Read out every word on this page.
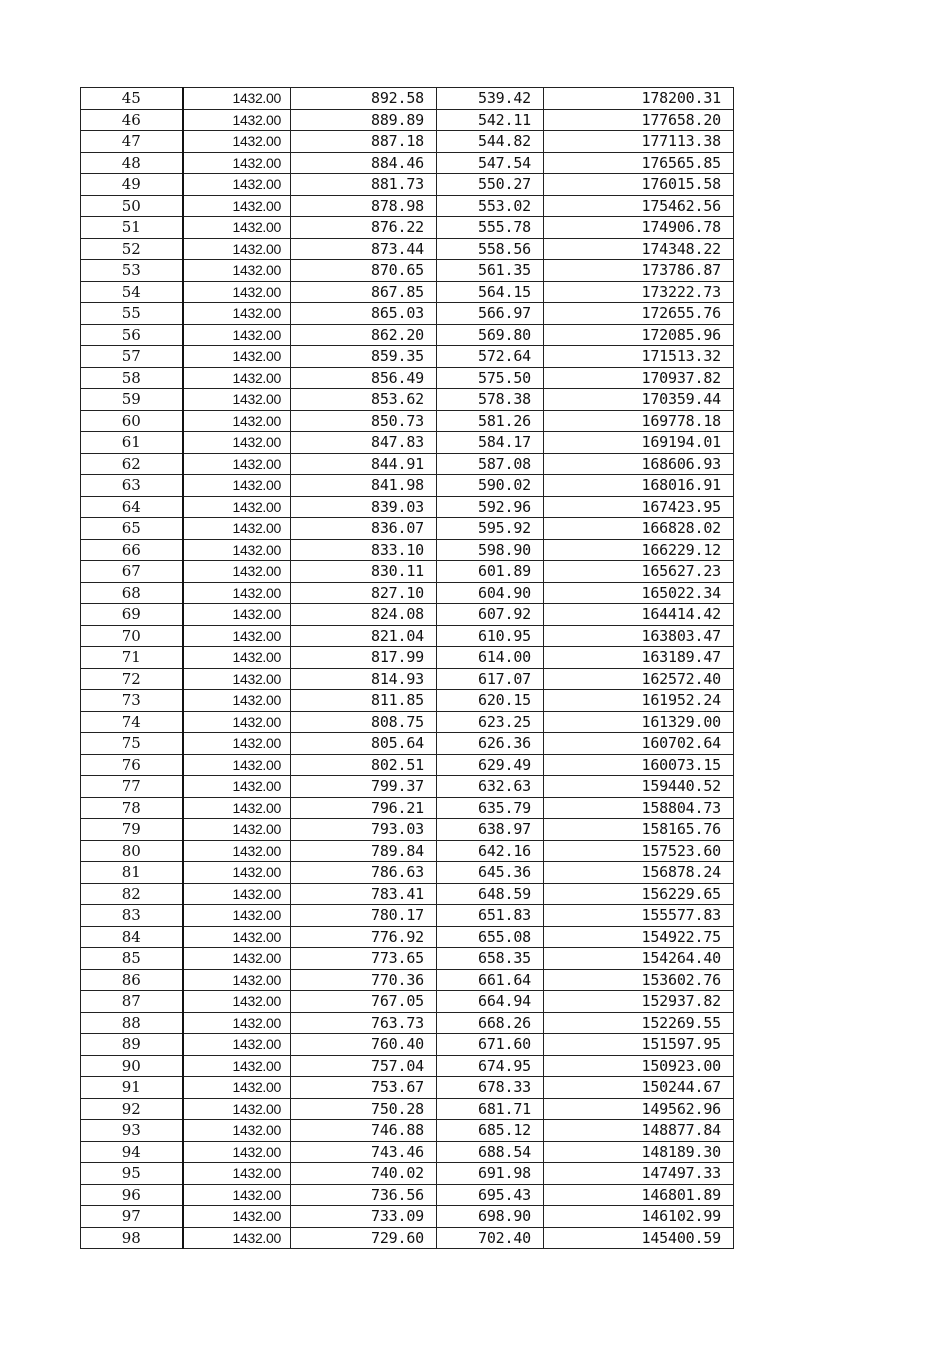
45	1432.00	892.58	539.42	178200.31
46	1432.00	889.89	542.11	177658.20
47	1432.00	887.18	544.82	177113.38
48	1432.00	884.46	547.54	176565.85
49	1432.00	881.73	550.27	176015.58
50	1432.00	878.98	553.02	175462.56
51	1432.00	876.22	555.78	174906.78
52	1432.00	873.44	558.56	174348.22
53	1432.00	870.65	561.35	173786.87
54	1432.00	867.85	564.15	173222.73
55	1432.00	865.03	566.97	172655.76
56	1432.00	862.20	569.80	172085.96
57	1432.00	859.35	572.64	171513.32
58	1432.00	856.49	575.50	170937.82
59	1432.00	853.62	578.38	170359.44
60	1432.00	850.73	581.26	169778.18
61	1432.00	847.83	584.17	169194.01
62	1432.00	844.91	587.08	168606.93
63	1432.00	841.98	590.02	168016.91
64	1432.00	839.03	592.96	167423.95
65	1432.00	836.07	595.92	166828.02
66	1432.00	833.10	598.90	166229.12
67	1432.00	830.11	601.89	165627.23
68	1432.00	827.10	604.90	165022.34
69	1432.00	824.08	607.92	164414.42
70	1432.00	821.04	610.95	163803.47
71	1432.00	817.99	614.00	163189.47
72	1432.00	814.93	617.07	162572.40
73	1432.00	811.85	620.15	161952.24
74	1432.00	808.75	623.25	161329.00
75	1432.00	805.64	626.36	160702.64
76	1432.00	802.51	629.49	160073.15
77	1432.00	799.37	632.63	159440.52
78	1432.00	796.21	635.79	158804.73
79	1432.00	793.03	638.97	158165.76
80	1432.00	789.84	642.16	157523.60
81	1432.00	786.63	645.36	156878.24
82	1432.00	783.41	648.59	156229.65
83	1432.00	780.17	651.83	155577.83
84	1432.00	776.92	655.08	154922.75
85	1432.00	773.65	658.35	154264.40
86	1432.00	770.36	661.64	153602.76
87	1432.00	767.05	664.94	152937.82
88	1432.00	763.73	668.26	152269.55
89	1432.00	760.40	671.60	151597.95
90	1432.00	757.04	674.95	150923.00
91	1432.00	753.67	678.33	150244.67
92	1432.00	750.28	681.71	149562.96
93	1432.00	746.88	685.12	148877.84
94	1432.00	743.46	688.54	148189.30
95	1432.00	740.02	691.98	147497.33
96	1432.00	736.56	695.43	146801.89
97	1432.00	733.09	698.90	146102.99
98	1432.00	729.60	702.40	145400.59
